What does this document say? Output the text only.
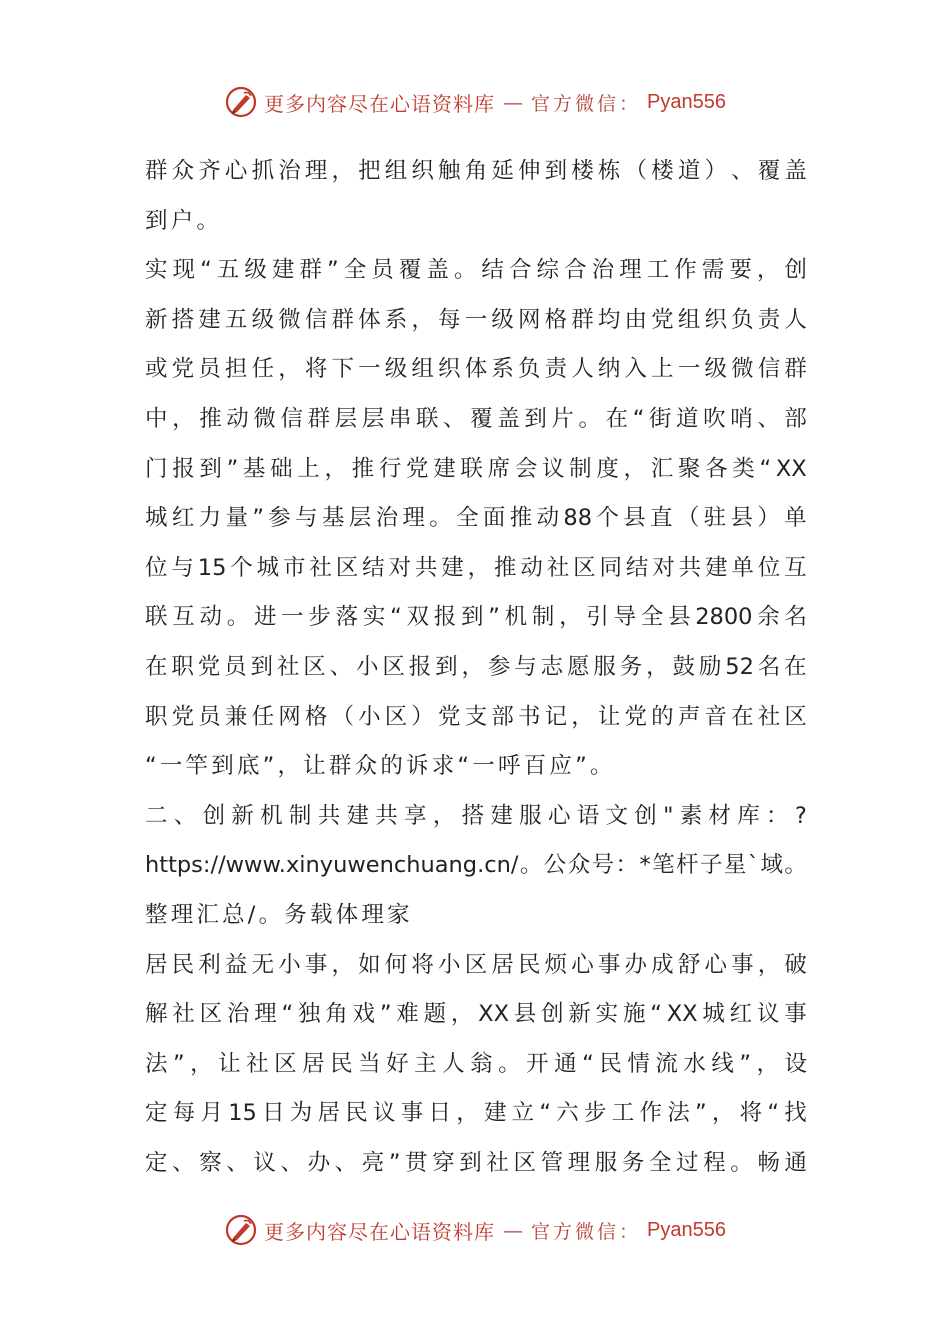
更多内容尽在心语资料库 — 官方微信： Pyan556
群 众 齐 心 抓 治 理 ， 把 组 织 触 角 延 伸 到 楼 栋 （ 楼 道 ） 、 覆 盖
到户。
实 现 “ 五 级 建 群 ” 全 员 覆 盖 。 结 合 综 合 治 理 工 作 需 要 ， 创
新 搭 建 五 级 微 信 群 体 系 ， 每 一 级 网 格 群 均 由 党 组 织 负 责 人
或 党 员 担 任 ， 将 下 一 级 组 织 体 系 负 责 人 纳 入 上 一 级 微 信 群
中 ， 推 动 微 信 群 层 层 串 联 、 覆 盖 到 片 。 在 “ 街 道 吹 哨 、 部
门 报 到 ” 基 础 上 ， 推 行 党 建 联 席 会 议 制 度 ， 汇 聚 各 类 “ XX
城 红 力 量 ” 参 与 基 层 治 理 。 全 面 推 动 88 个 县 直 （ 驻 县 ） 单
位 与 15 个 城 市 社 区 结 对 共 建 ， 推 动 社 区 同 结 对 共 建 单 位 互
联 互 动 。 进 一 步 落 实 “ 双 报 到 ” 机 制 ， 引 导 全 县 2800 余 名
在 职 党 员 到 社 区 、 小 区 报 到 ， 参 与 志 愿 服 务 ， 鼓 励 52 名 在
职 党 员 兼 任 网 格 （ 小 区 ） 党 支 部 书 记 ， 让 党 的 声 音 在 社 区
“一竿到底”，让群众的诉求“一呼百应”。
二 、 创 新 机 制 共 建 共 享 ， 搭 建 服 心 语 文 创 " 素 材 库 ： ?
https://www.xinyuwenchuang.cn/ 。 公 众 号 ： * 笔 杆 子 星 ` 域 。
整理汇总/。务载体理家
居 民 利 益 无 小 事 ， 如 何 将 小 区 居 民 烦 心 事 办 成 舒 心 事 ， 破
解 社 区 治 理 “ 独 角 戏 ” 难 题 ， XX 县 创 新 实 施 “ XX 城 红 议 事
法 ” ， 让 社 区 居 民 当 好 主 人 翁 。 开 通 “ 民 情 流 水 线 ” ， 设
定 每 月 15 日 为 居 民 议 事 日 ， 建 立 “ 六 步 工 作 法 ” ， 将 “ 找
定 、 察 、 议 、 办 、 亮 ” 贯 穿 到 社 区 管 理 服 务 全 过 程 。 畅 通
更多内容尽在心语资料库 — 官方微信： Pyan556
